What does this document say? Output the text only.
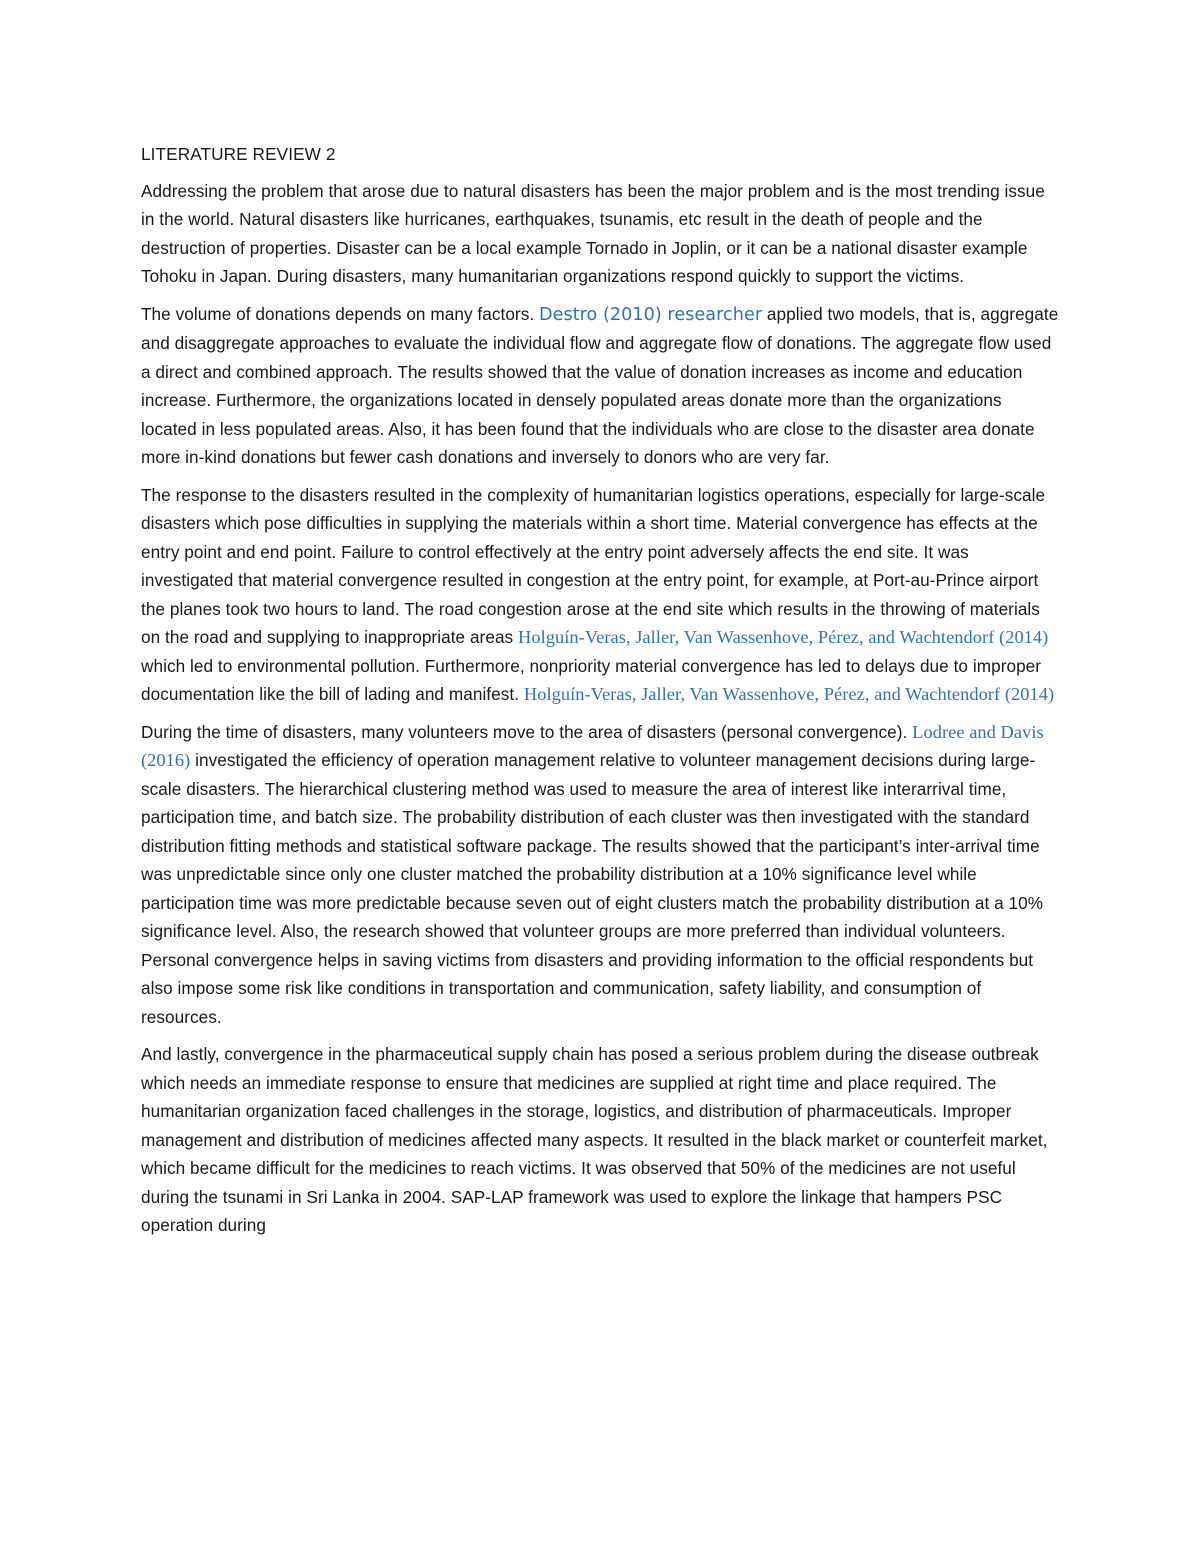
LITERATURE REVIEW 2

Addressing the problem that arose due to natural disasters has been the major problem and is the most trending issue in the world. Natural disasters like hurricanes, earthquakes, tsunamis, etc result in the death of people and the destruction of properties. Disaster can be a local example Tornado in Joplin, or it can be a national disaster example Tohoku in Japan. During disasters, many humanitarian organizations respond quickly to support the victims.

The volume of donations depends on many factors. Destro (2010) researcher applied two models, that is, aggregate and disaggregate approaches to evaluate the individual flow and aggregate flow of donations. The aggregate flow used a direct and combined approach. The results showed that the value of donation increases as income and education increase. Furthermore, the organizations located in densely populated areas donate more than the organizations located in less populated areas. Also, it has been found that the individuals who are close to the disaster area donate more in-kind donations but fewer cash donations and inversely to donors who are very far.

The response to the disasters resulted in the complexity of humanitarian logistics operations, especially for large-scale disasters which pose difficulties in supplying the materials within a short time. Material convergence has effects at the entry point and end point. Failure to control effectively at the entry point adversely affects the end site. It was investigated that material convergence resulted in congestion at the entry point, for example, at Port-au-Prince airport the planes took two hours to land. The road congestion arose at the end site which results in the throwing of materials on the road and supplying to inappropriate areas Holguín-Veras, Jaller, Van Wassenhove, Pérez, and Wachtendorf (2014) which led to environmental pollution. Furthermore, nonpriority material convergence has led to delays due to improper documentation like the bill of lading and manifest. Holguín-Veras, Jaller, Van Wassenhove, Pérez, and Wachtendorf (2014)

During the time of disasters, many volunteers move to the area of disasters (personal convergence). Lodree and Davis (2016) investigated the efficiency of operation management relative to volunteer management decisions during large-scale disasters. The hierarchical clustering method was used to measure the area of interest like interarrival time, participation time, and batch size. The probability distribution of each cluster was then investigated with the standard distribution fitting methods and statistical software package. The results showed that the participant’s inter-arrival time was unpredictable since only one cluster matched the probability distribution at a 10% significance level while participation time was more predictable because seven out of eight clusters match the probability distribution at a 10% significance level. Also, the research showed that volunteer groups are more preferred than individual volunteers. Personal convergence helps in saving victims from disasters and providing information to the official respondents but also impose some risk like conditions in transportation and communication, safety liability, and consumption of resources.

And lastly, convergence in the pharmaceutical supply chain has posed a serious problem during the disease outbreak which needs an immediate response to ensure that medicines are supplied at right time and place required. The humanitarian organization faced challenges in the storage, logistics, and distribution of pharmaceuticals. Improper management and distribution of medicines affected many aspects. It resulted in the black market or counterfeit market, which became difficult for the medicines to reach victims. It was observed that 50% of the medicines are not useful during the tsunami in Sri Lanka in 2004. SAP-LAP framework was used to explore the linkage that hampers PSC operation during
